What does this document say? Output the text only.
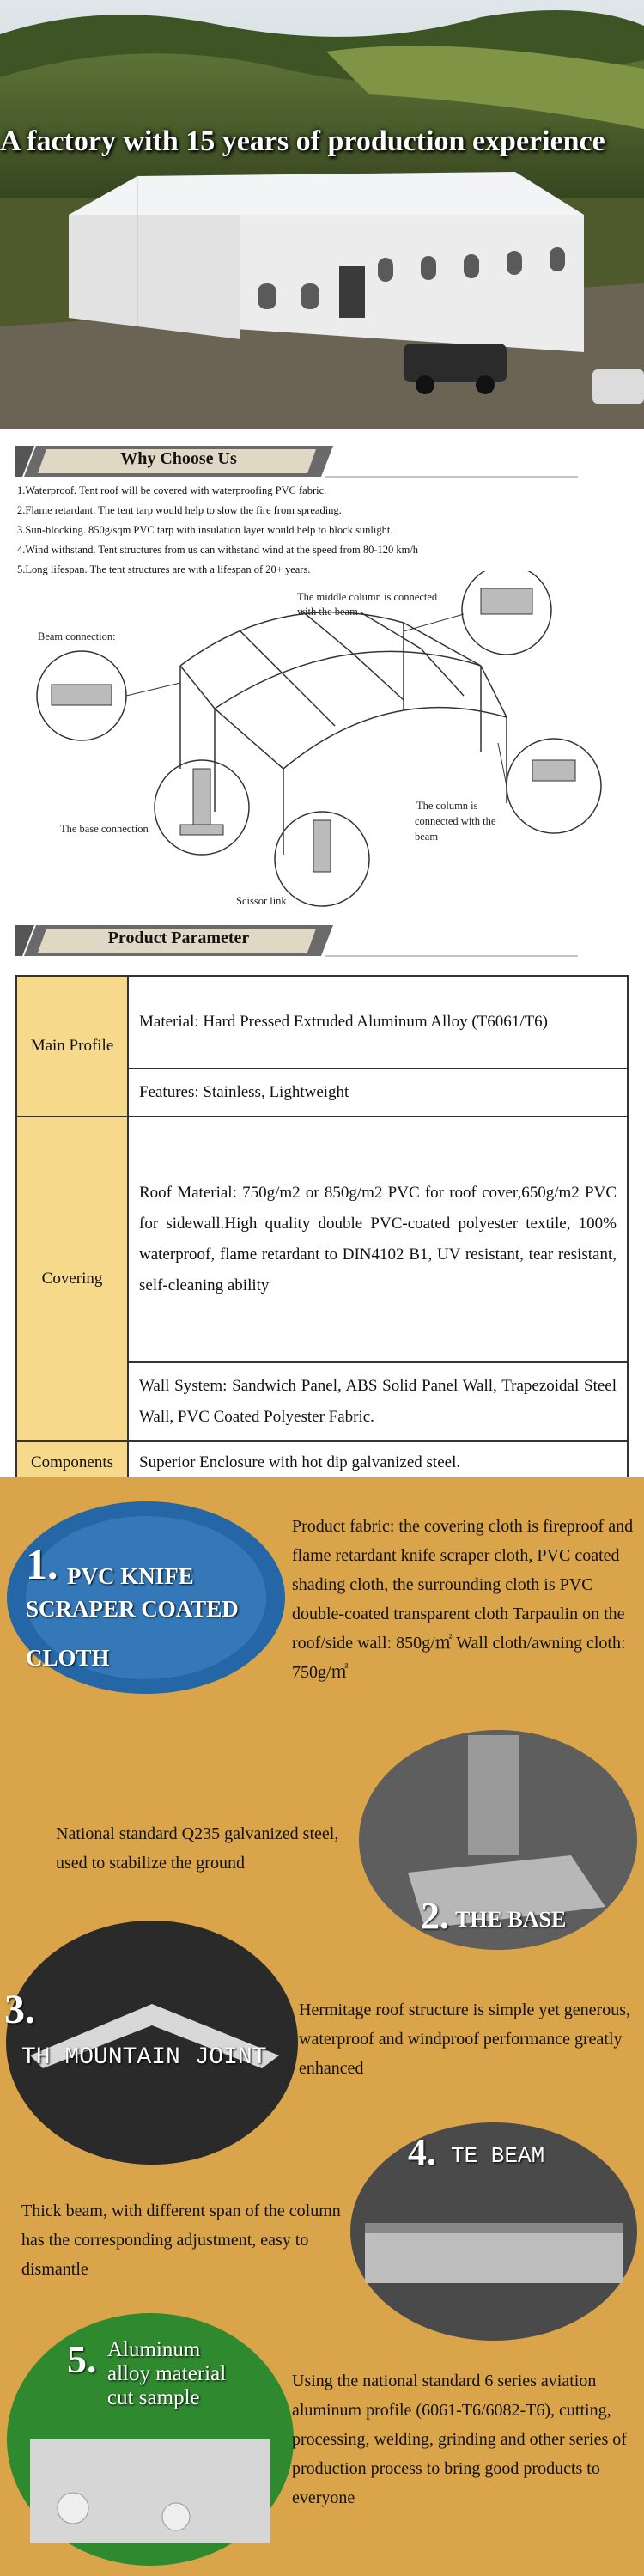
A factory with 15 years of production experience
Why Choose Us
1.Waterproof. Tent roof will be covered with waterproofing PVC fabric.
2.Flame retardant. The tent tarp would help to slow the fire from spreading.
3.Sun-blocking. 850g/sqm PVC tarp with insulation layer would help to block sunlight.
4.Wind withstand. Tent structures from us can withstand wind at the speed from 80-120 km/h
5.Long lifespan. The tent structures are with a lifespan of 20+ years.
Beam connection:
The middle column is connected
with the beam
The base connection
The column is
connected with the
beam
Scissor link
Product Parameter
Main Profile	Material: Hard Pressed Extruded Aluminum Alloy (T6061/T6)
	Features: Stainless, Lightweight
Covering	Roof Material: 750g/m2 or 850g/m2 PVC for roof cover,650g/m2 PVC for sidewall.High quality double PVC-coated polyester textile, 100% waterproof, flame retardant to DIN4102 B1, UV resistant, tear resistant, self-cleaning ability
	Wall System: Sandwich Panel, ABS Solid Panel Wall, Trapezoidal Steel Wall, PVC Coated Polyester Fabric.
Components	Superior Enclosure with hot dip galvanized steel.
1. PVC KNIFE
SCRAPER COATED
CLOTH
Product fabric: the covering cloth is fireproof and flame retardant knife scraper cloth, PVC coated shading cloth, the surrounding cloth is PVC double-coated transparent cloth Tarpaulin on the roof/side wall: 850g/㎡ Wall cloth/awning cloth: 750g/㎡
2. THE BASE
National standard Q235 galvanized steel, used to stabilize the ground
3.
TH MOUNTAIN JOINT
Hermitage roof structure is simple yet generous, waterproof and windproof performance greatly enhanced
4. TE BEAM
Thick beam, with different span of the column has the corresponding adjustment, easy to dismantle
5. Aluminum
alloy material
cut sample
Using the national standard 6 series aviation aluminum profile (6061-T6/6082-T6), cutting, processing, welding, grinding and other series of production process to bring good products to everyone
